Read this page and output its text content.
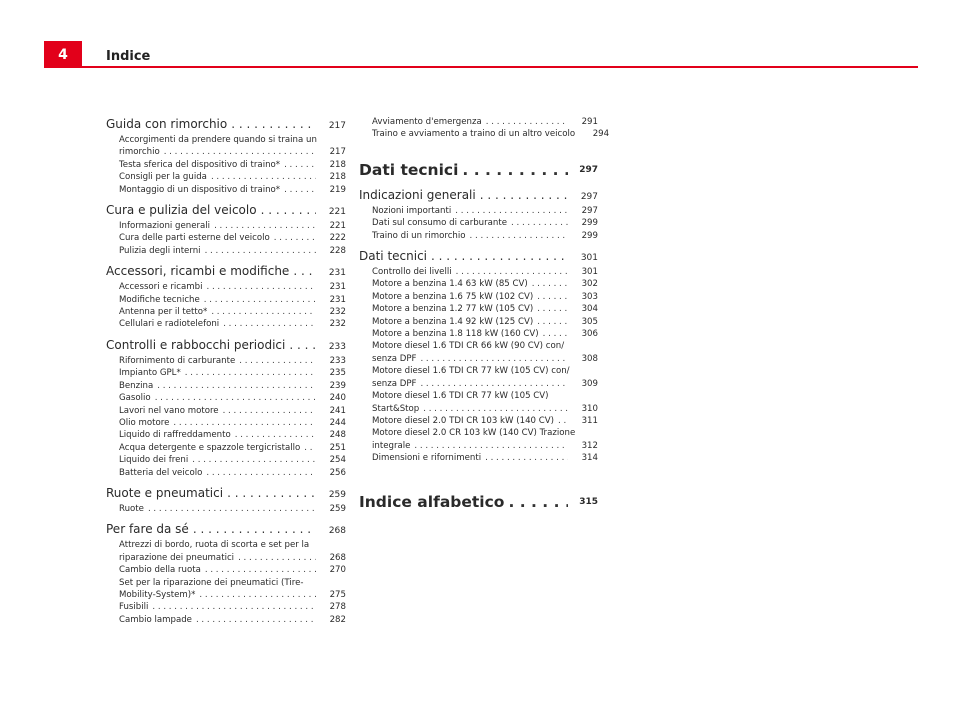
4	Indice
Guida con rimorchio . . .	217
Accorgimenti da prendere quando si traina un
rimorchio . . .	217
Testa sferica del dispositivo di traino* . . .	218
Consigli per la guida . . .	218
Montaggio di un dispositivo di traino* . . .	219
Cura e pulizia del veicolo . . .	221
Informazioni generali . . .	221
Cura delle parti esterne del veicolo . . .	222
Pulizia degli interni . . .	228
Accessori, ricambi e modifiche . . .	231
Accessori e ricambi . . .	231
Modifiche tecniche . . .	231
Antenna per il tetto* . . .	232
Cellulari e radiotelefoni . . .	232
Controlli e rabbocchi periodici . . .	233
Rifornimento di carburante . . .	233
Impianto GPL* . . .	235
Benzina . . .	239
Gasolio . . .	240
Lavori nel vano motore . . .	241
Olio motore . . .	244
Liquido di raffreddamento . . .	248
Acqua detergente e spazzole tergicristallo . . .	251
Liquido dei freni . . .	254
Batteria del veicolo . . .	256
Ruote e pneumatici . . .	259
Ruote . . .	259
Per fare da sé . . .	268
Attrezzi di bordo, ruota di scorta e set per la
riparazione dei pneumatici . . .	268
Cambio della ruota . . .	270
Set per la riparazione dei pneumatici (Tire-
Mobility-System)* . . .	275
Fusibili . . .	278
Cambio lampade . . .	282
Avviamento d'emergenza . . .	291
Traino e avviamento a traino di un altro veicolo	294
Dati tecnici . . .	297
Indicazioni generali . . .	297
Nozioni importanti . . .	297
Dati sul consumo di carburante . . .	299
Traino di un rimorchio . . .	299
Dati tecnici . . .	301
Controllo dei livelli . . .	301
Motore a benzina 1.4 63 kW (85 CV) . . .	302
Motore a benzina 1.6 75 kW (102 CV) . . .	303
Motore a benzina 1.2 77 kW (105 CV) . . .	304
Motore a benzina 1.4 92 kW (125 CV) . . .	305
Motore a benzina 1.8 118 kW (160 CV) . . .	306
Motore diesel 1.6 TDI CR 66 kW (90 CV) con/
senza DPF . . .	308
Motore diesel 1.6 TDI CR 77 kW (105 CV) con/
senza DPF . . .	309
Motore diesel 1.6 TDI CR 77 kW (105 CV)
Start&Stop . . .	310
Motore diesel 2.0 TDI CR 103 kW (140 CV) . . .	311
Motore diesel 2.0 CR 103 kW (140 CV) Trazione
integrale . . .	312
Dimensioni e rifornimenti . . .	314
Indice alfabetico . . .	315
